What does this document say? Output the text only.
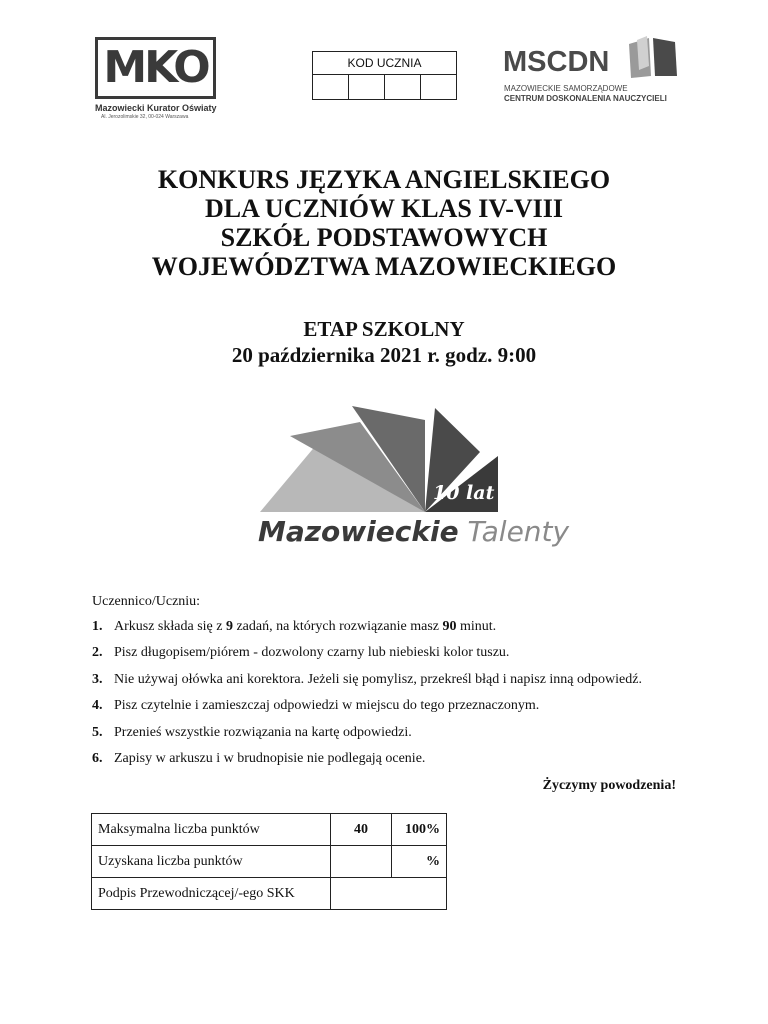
MKO
Mazowiecki Kurator Oświaty
Al. Jerozolimskie 32, 00-024 Warszawa
KOD UCZNIA
				MSCDN
MAZOWIECKIE SAMORZĄDOWE
CENTRUM DOSKONALENIA NAUCZYCIELI
KONKURS JĘZYKA ANGIELSKIEGO
DLA UCZNIÓW KLAS IV-VIII
SZKÓŁ PODSTAWOWYCH
WOJEWÓDZTWA MAZOWIECKIEGO
ETAP SZKOLNY
20 października 2021 r. godz. 9:00
10 lat
Mazowieckie Talenty
Uczennico/Uczniu:
1. Arkusz składa się z 9 zadań, na których rozwiązanie masz 90 minut.
2. Pisz długopisem/piórem - dozwolony czarny lub niebieski kolor tuszu.
3. Nie używaj ołówka ani korektora. Jeżeli się pomylisz, przekreśl błąd i napisz inną odpowiedź.
4. Pisz czytelnie i zamieszczaj odpowiedzi w miejscu do tego przeznaczonym.
5. Przenieś wszystkie rozwiązania na kartę odpowiedzi.
6. Zapisy w arkuszu i w brudnopisie nie podlegają ocenie.
Życzymy powodzenia!
Maksymalna liczba punktów	40	100%
Uzyskana liczba punktów		%
Podpis Przewodniczącej/-ego SKK		
